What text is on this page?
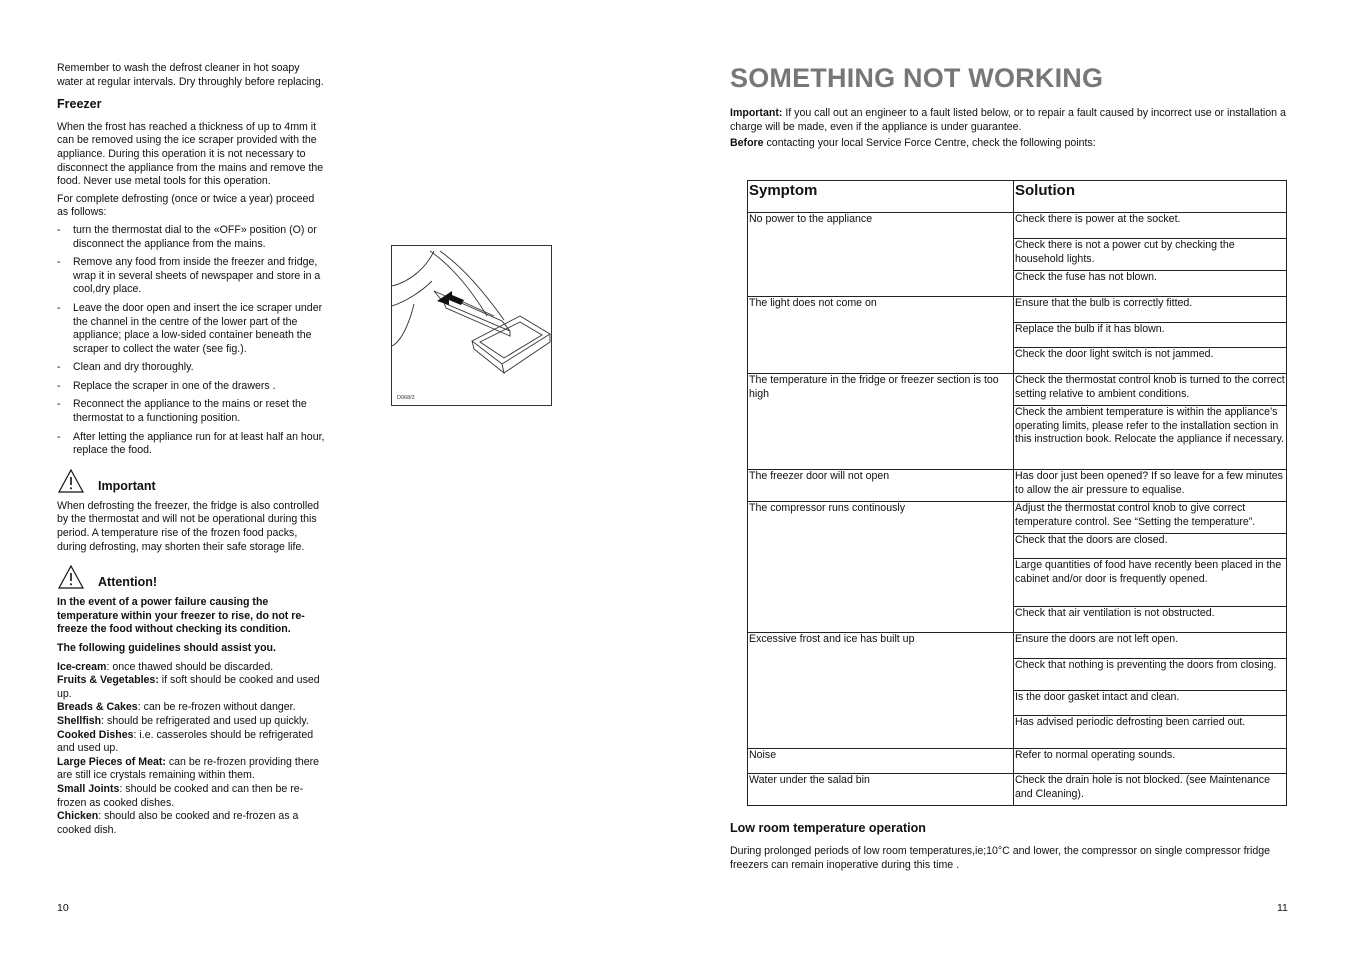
Remember to wash the defrost cleaner in hot soapy water at regular intervals. Dry throughly before replacing.

Freezer

When the frost has reached a thickness of up to 4mm it can be removed using the ice scraper provided with the appliance. During this operation it is not necessary to disconnect the appliance from the mains and remove the food. Never use metal tools for this operation.

For complete defrosting (once or twice a year) proceed as follows:

- turn the thermostat dial to the «OFF» position (O) or disconnect the appliance from the mains.
- Remove any food from inside the freezer and fridge, wrap it in several sheets of newspaper and store in a cool,dry place.
- Leave the door open and insert the ice scraper under the channel in the centre of the lower part of the appliance; place a low-sided container beneath the scraper to collect the water (see fig.).
- Clean and dry thoroughly.
- Replace the scraper in one of the drawers .
- Reconnect the appliance to the mains or reset the thermostat to a functioning position.
- After letting the appliance run for at least half an hour, replace the food.
Important

When defrosting the freezer, the fridge is also controlled by the thermostat and will not be operational during this period. A temperature rise of the frozen food packs, during defrosting, may shorten their safe storage life.

Attention!

In the event of a power failure causing the temperature within your freezer to rise, do not re-freeze the food without checking its condition.

The following guidelines should assist you.

Ice-cream: once thawed should be discarded.

Fruits & Vegetables: if soft should be cooked and used up.

Breads & Cakes: can be re-frozen without danger.

Shellfish: should be refrigerated and used up quickly.

Cooked Dishes: i.e. casseroles should be refrigerated and used up.

Large Pieces of Meat: can be re-frozen providing there are still ice crystals remaining within them.

Small Joints: should be cooked and can then be re-frozen as cooked dishes.

Chicken: should also be cooked and re-frozen as a cooked dish.

D068/2
10
SOMETHING NOT WORKING

Important: If you call out an engineer to a fault listed below, or to repair a fault caused by incorrect use or installation a charge will be made, even if the appliance is under guarantee.

Before contacting your local Service Force Centre, check the following points:

Symptom	Solution
No power to the appliance	Check there is power at the socket.
Check there is not a power cut by checking the household lights.
Check the fuse has not blown.

The light does not come on	Ensure that the bulb is correctly fitted.
Replace the bulb if it has blown.
Check the door light switch is not jammed.

The temperature in the fridge or freezer section is too high	Check the thermostat control knob is turned to the correct setting relative to ambient conditions.
Check the ambient temperature is within the appliance’s operating limits, please refer to the installation section in this instruction book. Relocate the appliance if necessary.

The freezer door will not open	Has door just been opened? If so leave for a few minutes to allow the air pressure to equalise.

The compressor runs continously	Adjust the thermostat control knob to give correct temperature control. See “Setting the temperature”.
Check that the doors are closed.
Large quantities of food have recently been placed in the cabinet and/or door is frequently opened.
Check that air ventilation is not obstructed.

Excessive frost and ice has built up	Ensure the doors are not left open.
Check that nothing is preventing the doors from closing.
Is the door gasket intact and clean.
Has advised periodic defrosting been carried out.

Noise	Refer to normal operating sounds.

Water under the salad bin	Check the drain hole is not blocked. (see Maintenance and Cleaning).
Low room temperature operation
During prolonged periods of low room temperatures,ie;10°C and lower, the compressor on single compressor fridge freezers can remain inoperative during this time .
11
